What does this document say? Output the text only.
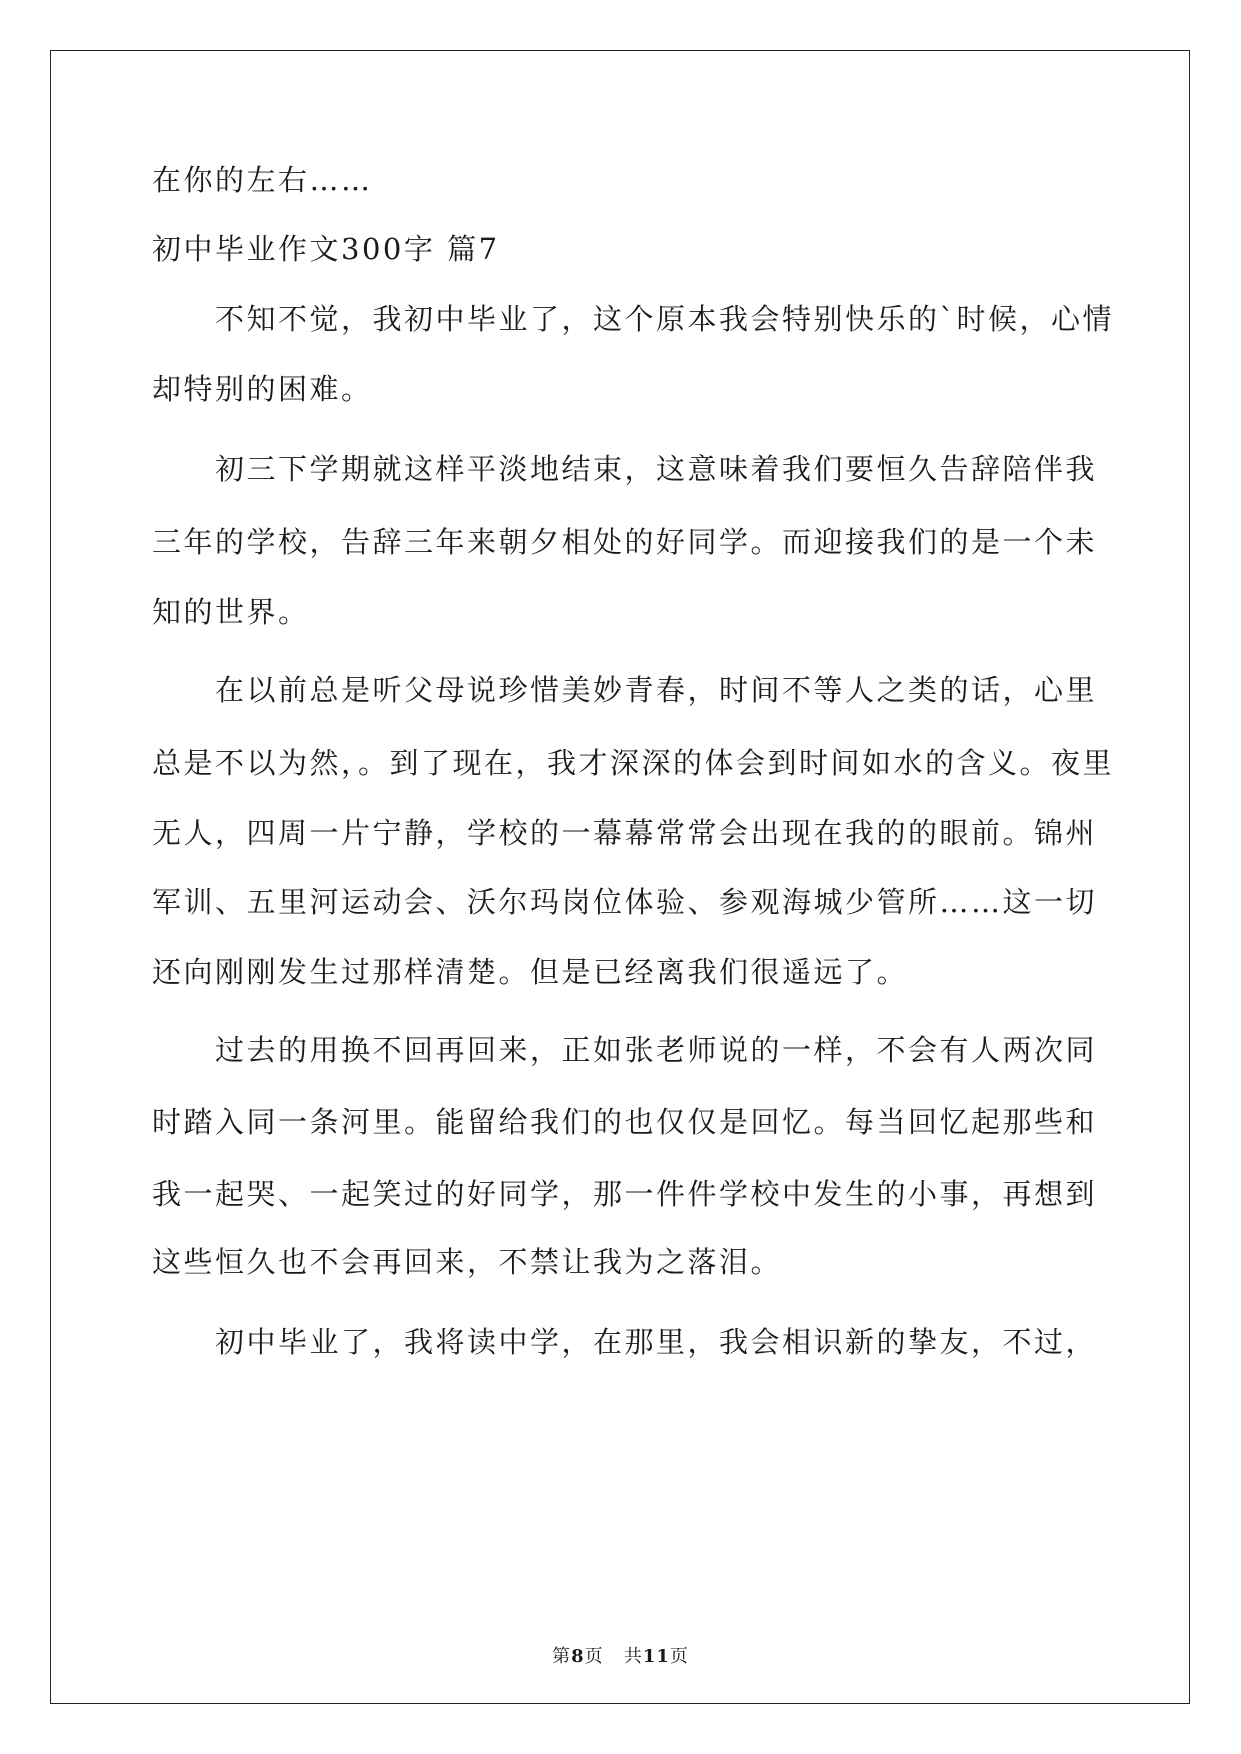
在你的左右……
初中毕业作文300字 篇7
不知不觉，我初中毕业了，这个原本我会特别快乐的`时候，心情
却特别的困难。
初三下学期就这样平淡地结束，这意味着我们要恒久告辞陪伴我
三年的学校，告辞三年来朝夕相处的好同学。而迎接我们的是一个未
知的世界。
在以前总是听父母说珍惜美妙青春，时间不等人之类的话，心里
总是不以为然，。到了现在，我才深深的体会到时间如水的含义。夜里
无人，四周一片宁静，学校的一幕幕常常会出现在我的的眼前。锦州
军训、五里河运动会、沃尔玛岗位体验、参观海城少管所……这一切
还向刚刚发生过那样清楚。但是已经离我们很遥远了。
过去的用换不回再回来，正如张老师说的一样，不会有人两次同
时踏入同一条河里。能留给我们的也仅仅是回忆。每当回忆起那些和
我一起哭、一起笑过的好同学，那一件件学校中发生的小事，再想到
这些恒久也不会再回来，不禁让我为之落泪。
初中毕业了，我将读中学，在那里，我会相识新的挚友，不过，
第8页 共11页
